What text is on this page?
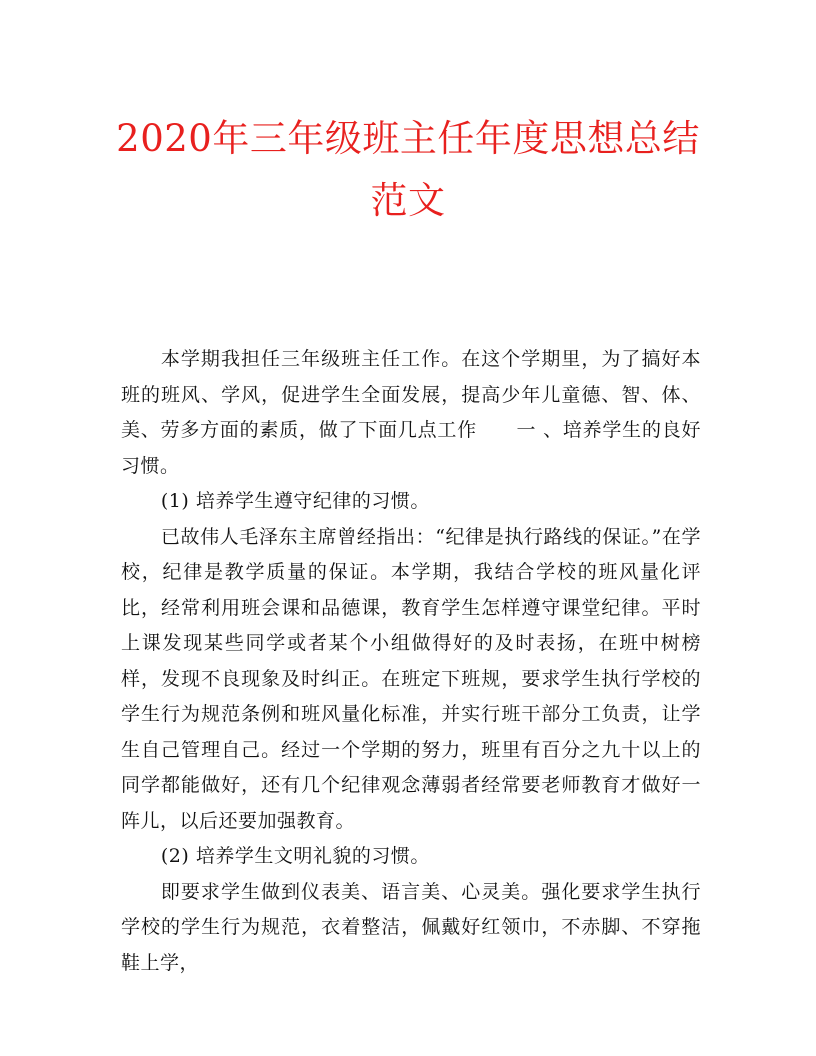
2020年三年级班主任年度思想总结范文

本学期我担任三年级班主任工作。在这个学期里，为了搞好本班的班风、学风，促进学生全面发展，提高少年儿童德、智、体、美、劳多方面的素质，做了下面几点工作　　一 、培养学生的良好习惯。

(1) 培养学生遵守纪律的习惯。

已故伟人毛泽东主席曾经指出：“纪律是执行路线的保证。”在学校，纪律是教学质量的保证。本学期，我结合学校的班风量化评比，经常利用班会课和品德课，教育学生怎样遵守课堂纪律。平时上课发现某些同学或者某个小组做得好的及时表扬，在班中树榜样，发现不良现象及时纠正。在班定下班规，要求学生执行学校的学生行为规范条例和班风量化标准，并实行班干部分工负责，让学生自己管理自己。经过一个学期的努力，班里有百分之九十以上的同学都能做好，还有几个纪律观念薄弱者经常要老师教育才做好一阵儿，以后还要加强教育。

(2) 培养学生文明礼貌的习惯。

即要求学生做到仪表美、语言美、心灵美。强化要求学生执行学校的学生行为规范，衣着整洁，佩戴好红领巾，不赤脚、不穿拖鞋上学，
